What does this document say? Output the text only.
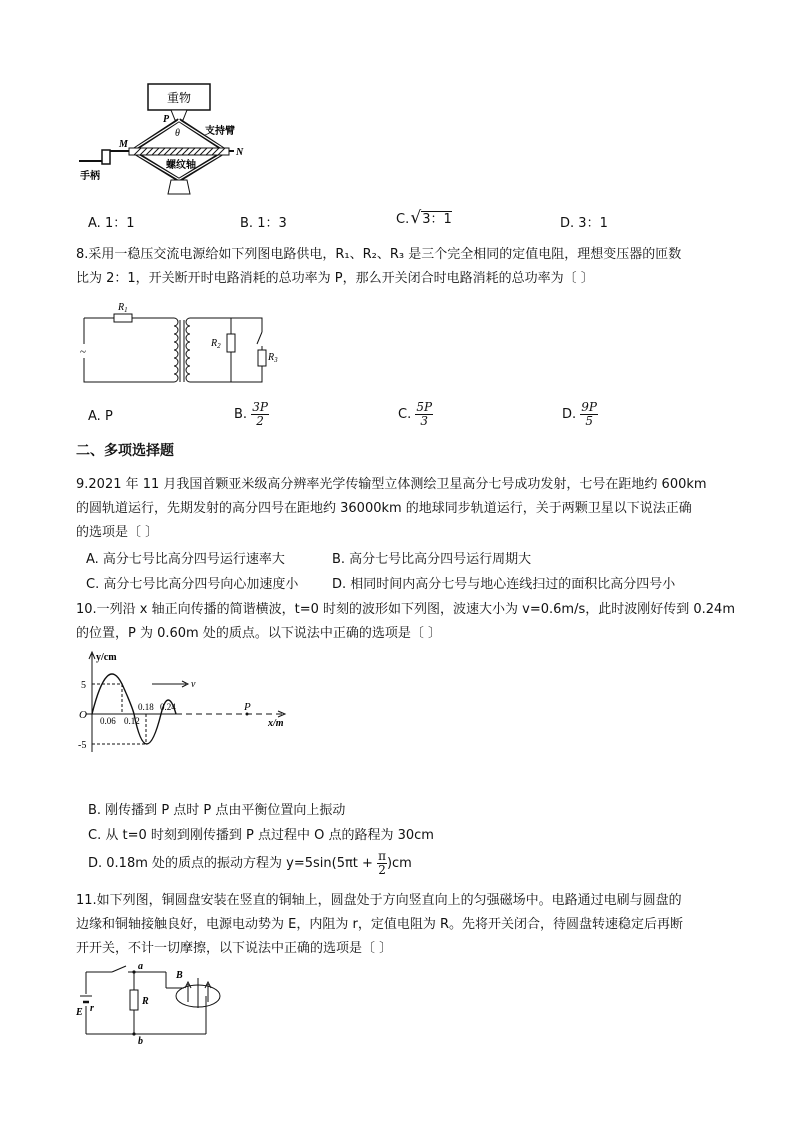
重物
P
θ	支持臂
M
N
螺纹轴
手柄
A. 1：1	B. 1：3	C. √3：1	D. 3：1
8.采用一稳压交流电源给如下列图电路供电，R₁、R₂、R₃ 是三个完全相同的定值电阻，理想变压器的匝数
比为 2：1，开关断开时电路消耗的总功率为 P，那么开关闭合时电路消耗的总功率为〔 〕
~
$R_1$
$R_2$
$R_3$
A. P	B. $\frac{3P}{2}$	C. $\frac{5P}{3}$	D. $\frac{9P}{5}$
二、多项选择题
9.2021 年 11 月我国首颗亚米级高分辨率光学传输型立体测绘卫星高分七号成功发射，七号在距地约 600km
的圆轨道运行，先期发射的高分四号在距地约 36000km 的地球同步轨道运行，关于两颗卫星以下说法正确
的选项是〔 〕
A. 高分七号比高分四号运行速率大	B. 高分七号比高分四号运行周期大
C. 高分七号比高分四号向心加速度小	D. 相同时间内高分七号与地心连线扫过的面积比高分四号小
10.一列沿 x 轴正向传播的简谐横波，t=0 时刻的波形如下列图，波速大小为 v=0.6m/s，此时波刚好传到 0.24m
的位置，P 为 0.60m 处的质点。以下说法中正确的选项是〔 〕
y/cm
x/m
v
O
5
-5
0.06 0.12
0.18 0.24	P
B. 刚传播到 P 点时 P 点由平衡位置向上振动
C. 从 t=0 时刻到刚传播到 P 点过程中 O 点的路程为 30cm
D. 0.18m 处的质点的振动方程为 $y=5\sin(5\pi t + \frac{\pi}{2} )cm$
11.如下列图，铜圆盘安装在竖直的铜轴上，圆盘处于方向竖直向上的匀强磁场中。电路通过电刷与圆盘的
边缘和铜轴接触良好，电源电动势为 E，内阻为 r，定值电阻为 R。先将开关闭合，待圆盘转速稳定后再断
开开关，不计一切摩擦，以下说法中正确的选项是〔 〕
a
b
R
E r
B
